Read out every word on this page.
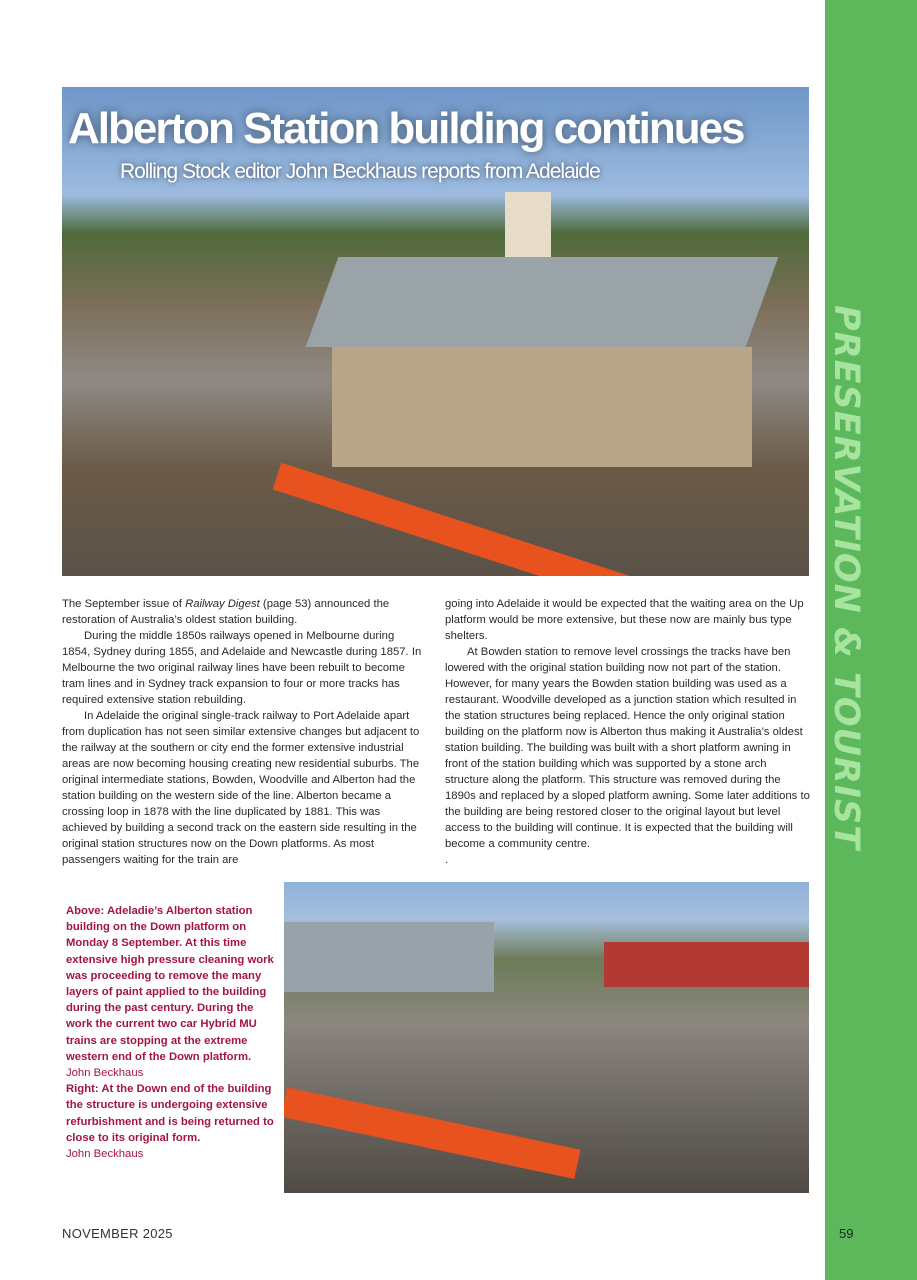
Alberton Station building continues
Rolling Stock editor John Beckhaus reports from Adelaide

The September issue of Railway Digest (page 53) announced the restoration of Australia’s oldest station building.

During the middle 1850s railways opened in Melbourne during 1854, Sydney during 1855, and Adelaide and Newcastle during 1857. In Melbourne the two original railway lines have been rebuilt to become tram lines and in Sydney track expansion to four or more tracks has required extensive station rebuilding.

In Adelaide the original single-track railway to Port Adelaide apart from duplication has not seen similar extensive changes but adjacent to the railway at the southern or city end the former extensive industrial areas are now becoming housing creating new residential suburbs. The original intermediate stations, Bowden, Woodville and Alberton had the station building on the western side of the line. Alberton became a crossing loop in 1878 with the line duplicated by 1881. This was achieved by building a second track on the eastern side resulting in the original station structures now on the Down platforms. As most passengers waiting for the train are

going into Adelaide it would be expected that the waiting area on the Up platform would be more extensive, but these now are mainly bus type shelters.

At Bowden station to remove level crossings the tracks have ben lowered with the original station building now not part of the station. However, for many years the Bowden station building was used as a restaurant. Woodville developed as a junction station which resulted in the station structures being replaced. Hence the only original station building on the platform now is Alberton thus making it Australia’s oldest station building. The building was built with a short platform awning in front of the station building which was supported by a stone arch structure along the platform. This structure was removed during the 1890s and replaced by a sloped platform awning. Some later additions to the building are being restored closer to the original layout but level access to the building will continue. It is expected that the building will become a community centre.

.

Above: Adeladie’s Alberton station building on the Down platform on Monday 8 September. At this time extensive high pressure cleaning work was proceeding to remove the many layers of paint applied to the building during the past century. During the work the current two car Hybrid MU trains are stopping at the extreme western end of the Down platform. John Beckhaus
Right: At the Down end of the building the structure is undergoing extensive refurbishment and is being returned to close to its original form.
John Beckhaus
PRESERVATION & TOURIST
NOVEMBER 2025	59
